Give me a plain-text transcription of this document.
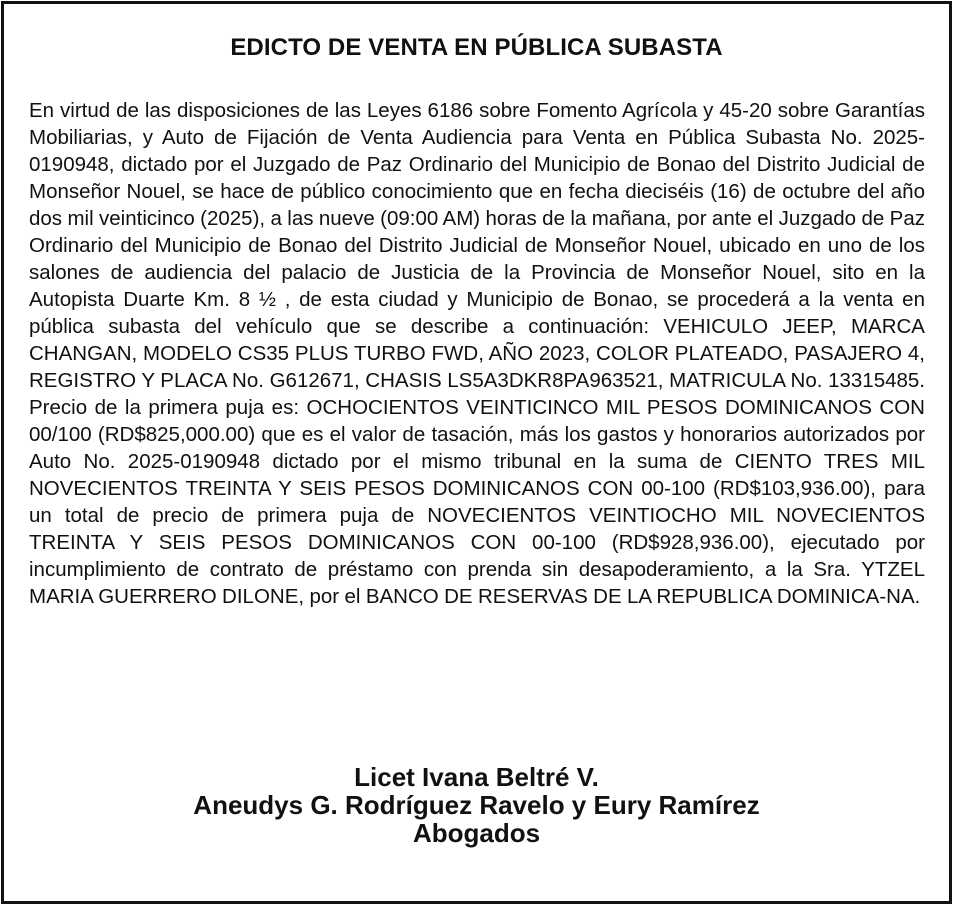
EDICTO DE VENTA EN PÚBLICA SUBASTA
En virtud de las disposiciones de las Leyes 6186 sobre Fomento Agrícola y 45-20 sobre Garantías Mobiliarias, y Auto de Fijación de Venta Audiencia para Venta en Pública Subasta No. 2025-0190948, dictado por el Juzgado de Paz Ordinario del Municipio de Bonao del Distrito Judicial de Monseñor Nouel, se hace de público conocimiento que en fecha dieciséis (16) de octubre del año dos mil veinticinco (2025), a las nueve (09:00 AM) horas de la mañana, por ante el Juzgado de Paz Ordinario del Municipio de Bonao del Distrito Judicial de Monseñor Nouel, ubicado en uno de los salones de audiencia del palacio de Justicia de la Provincia de Monseñor Nouel, sito en la Autopista Duarte Km. 8 ½ , de esta ciudad y Municipio de Bonao, se procederá a la venta en pública subasta del vehículo que se describe a continuación: VEHICULO JEEP, MARCA CHANGAN, MODELO CS35 PLUS TURBO FWD, AÑO 2023, COLOR PLATEADO, PASAJERO 4, REGISTRO Y PLACA No. G612671, CHASIS LS5A3DKR8PA963521, MATRICULA No. 13315485. Precio de la primera puja es: OCHOCIENTOS VEINTICINCO MIL PESOS DOMINICANOS CON 00/100 (RD$825,000.00) que es el valor de tasación, más los gastos y honorarios autorizados por Auto No. 2025-0190948 dictado por el mismo tribunal en la suma de CIENTO TRES MIL NOVECIENTOS TREINTA Y SEIS PESOS DOMINICANOS CON 00-100 (RD$103,936.00), para un total de precio de primera puja de NOVECIENTOS VEINTIOCHO MIL NOVECIENTOS TREINTA Y SEIS PESOS DOMINICANOS CON 00-100 (RD$928,936.00), ejecutado por incumplimiento de contrato de préstamo con prenda sin desapoderamiento, a la Sra. YTZEL MARIA GUERRERO DILONE, por el BANCO DE RESERVAS DE LA REPUBLICA DOMINICA-NA.
Licet Ivana Beltré V.
Aneudys G. Rodríguez Ravelo y Eury Ramírez
Abogados
